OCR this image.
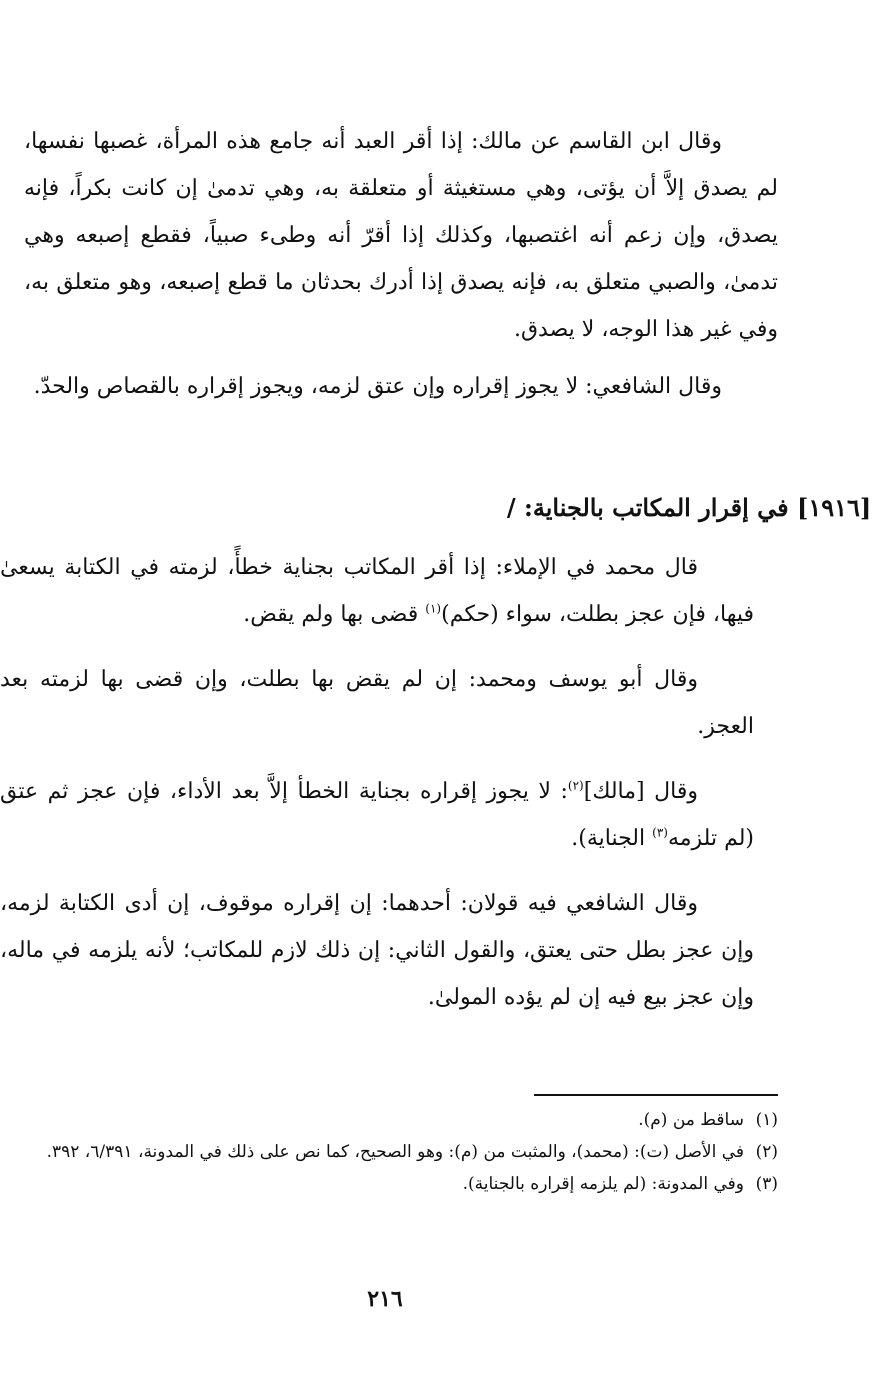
وقال ابن القاسم عن مالك: إذا أقر العبد أنه جامع هذه المرأة، غصبها نفسها، لم يصدق إلاَّ أن يؤتى، وهي مستغيثة أو متعلقة به، وهي تدمىٰ إن كانت بكراً، فإنه يصدق، وإن زعم أنه اغتصبها، وكذلك إذا أقرّ أنه وطىء صبياً، فقطع إصبعه وهي تدمىٰ، والصبي متعلق به، فإنه يصدق إذا أدرك بحدثان ما قطع إصبعه، وهو متعلق به، وفي غير هذا الوجه، لا يصدق.

وقال الشافعي: لا يجوز إقراره وإن عتق لزمه، ويجوز إقراره بالقصاص والحدّ.

[١٩١٦] في إقرار المكاتب بالجناية: /

قال محمد في الإملاء: إذا أقر المكاتب بجناية خطأً، لزمته في الكتابة يسعىٰ فيها، فإن عجز بطلت، سواء (حكم)$^{(١)}$ قضى بها ولم يقض.

وقال أبو يوسف ومحمد: إن لم يقض بها بطلت، وإن قضى بها لزمته بعد العجز.

وقال [مالك]$^{(٢)}$: لا يجوز إقراره بجناية الخطأ إلاَّ بعد الأداء، فإن عجز ثم عتق (لم تلزمه$^{(٣)}$ الجناية).

وقال الشافعي فيه قولان: أحدهما: إن إقراره موقوف، إن أدى الكتابة لزمه، وإن عجز بطل حتى يعتق، والقول الثاني: إن ذلك لازم للمكاتب؛ لأنه يلزمه في ماله، وإن عجز بيع فيه إن لم يؤده المولىٰ.

(١)
ساقط من (م).
(٢)
في الأصل (ت): (محمد)، والمثبت من (م): وهو الصحيح، كما نص على ذلك في المدونة، ٦/٣٩١، ٣٩٢.
(٣)
وفي المدونة: (لم يلزمه إقراره بالجناية).
٢١٦
